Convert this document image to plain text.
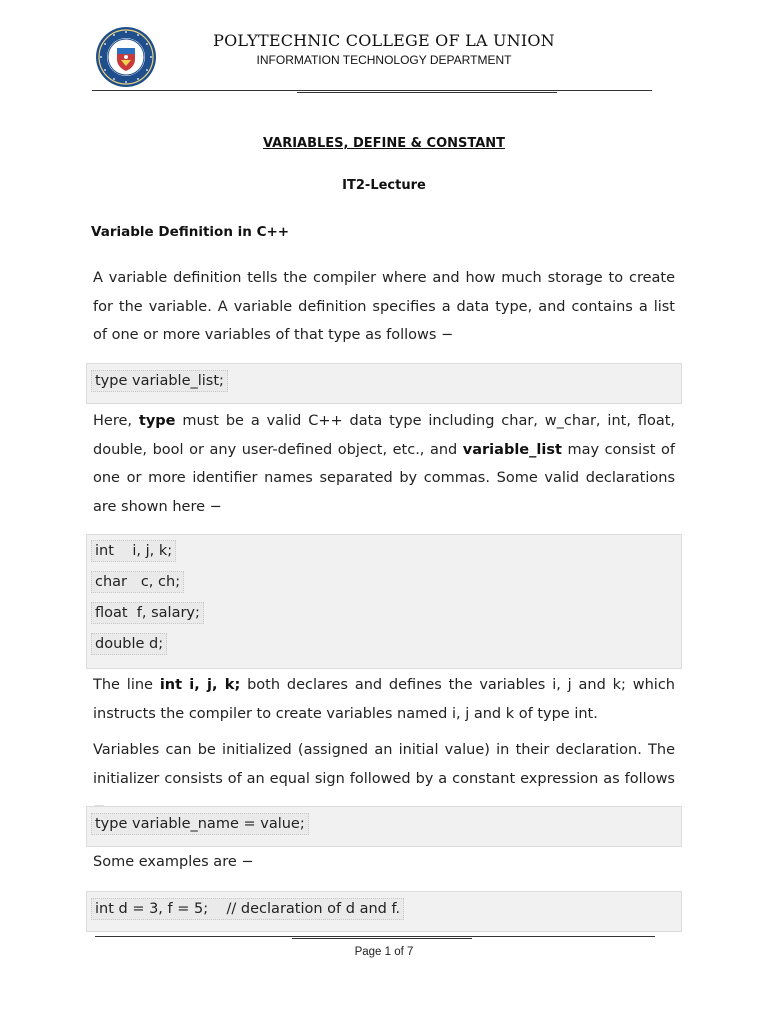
POLYTECHNIC COLLEGE OF LA UNION
INFORMATION TECHNOLOGY DEPARTMENT
VARIABLES, DEFINE & CONSTANT
IT2-Lecture
Variable Definition in C++

A variable definition tells the compiler where and how much storage to create for the variable. A variable definition specifies a data type, and contains a list of one or more variables of that type as follows −

type variable_list;

Here, type must be a valid C++ data type including char, w_char, int, float, double, bool or any user-defined object, etc., and variable_list may consist of one or more identifier names separated by commas. Some valid declarations are shown here −

int    i, j, k;
char   c, ch;
float  f, salary;
double d;

The line int i, j, k; both declares and defines the variables i, j and k; which instructs the compiler to create variables named i, j and k of type int.

Variables can be initialized (assigned an initial value) in their declaration. The initializer consists of an equal sign followed by a constant expression as follows

type variable_name = value;

Some examples are −

int d = 3, f = 5;    // declaration of d and f.
Page 1 of 7
